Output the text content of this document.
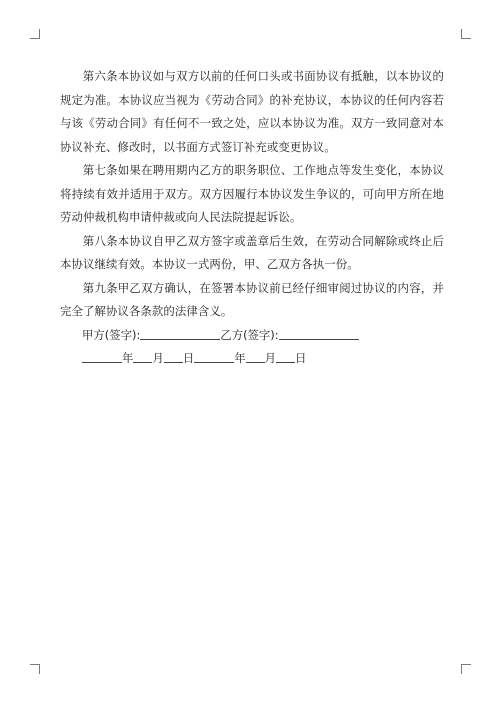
第六条本协议如与双方以前的任何口头或书面协议有抵触，以本协议的规定为准。本协议应当视为《劳动合同》的补充协议，本协议的任何内容若与该《劳动合同》有任何不一致之处，应以本协议为准。双方一致同意对本协议补充、修改时，以书面方式签订补充或变更协议。

第七条如果在聘用期内乙方的职务职位、工作地点等发生变化，本协议将持续有效并适用于双方。双方因履行本协议发生争议的，可向甲方所在地劳动仲裁机构申请仲裁或向人民法院提起诉讼。

第八条本协议自甲乙双方签字或盖章后生效，在劳动合同解除或终止后本协议继续有效。本协议一式两份，甲、乙双方各执一份。

第九条甲乙双方确认，在签署本协议前已经仔细审阅过协议的内容，并完全了解协议各条款的法律含义。

甲方(签字):	乙方(签字):
年 月 日	年 月 日
